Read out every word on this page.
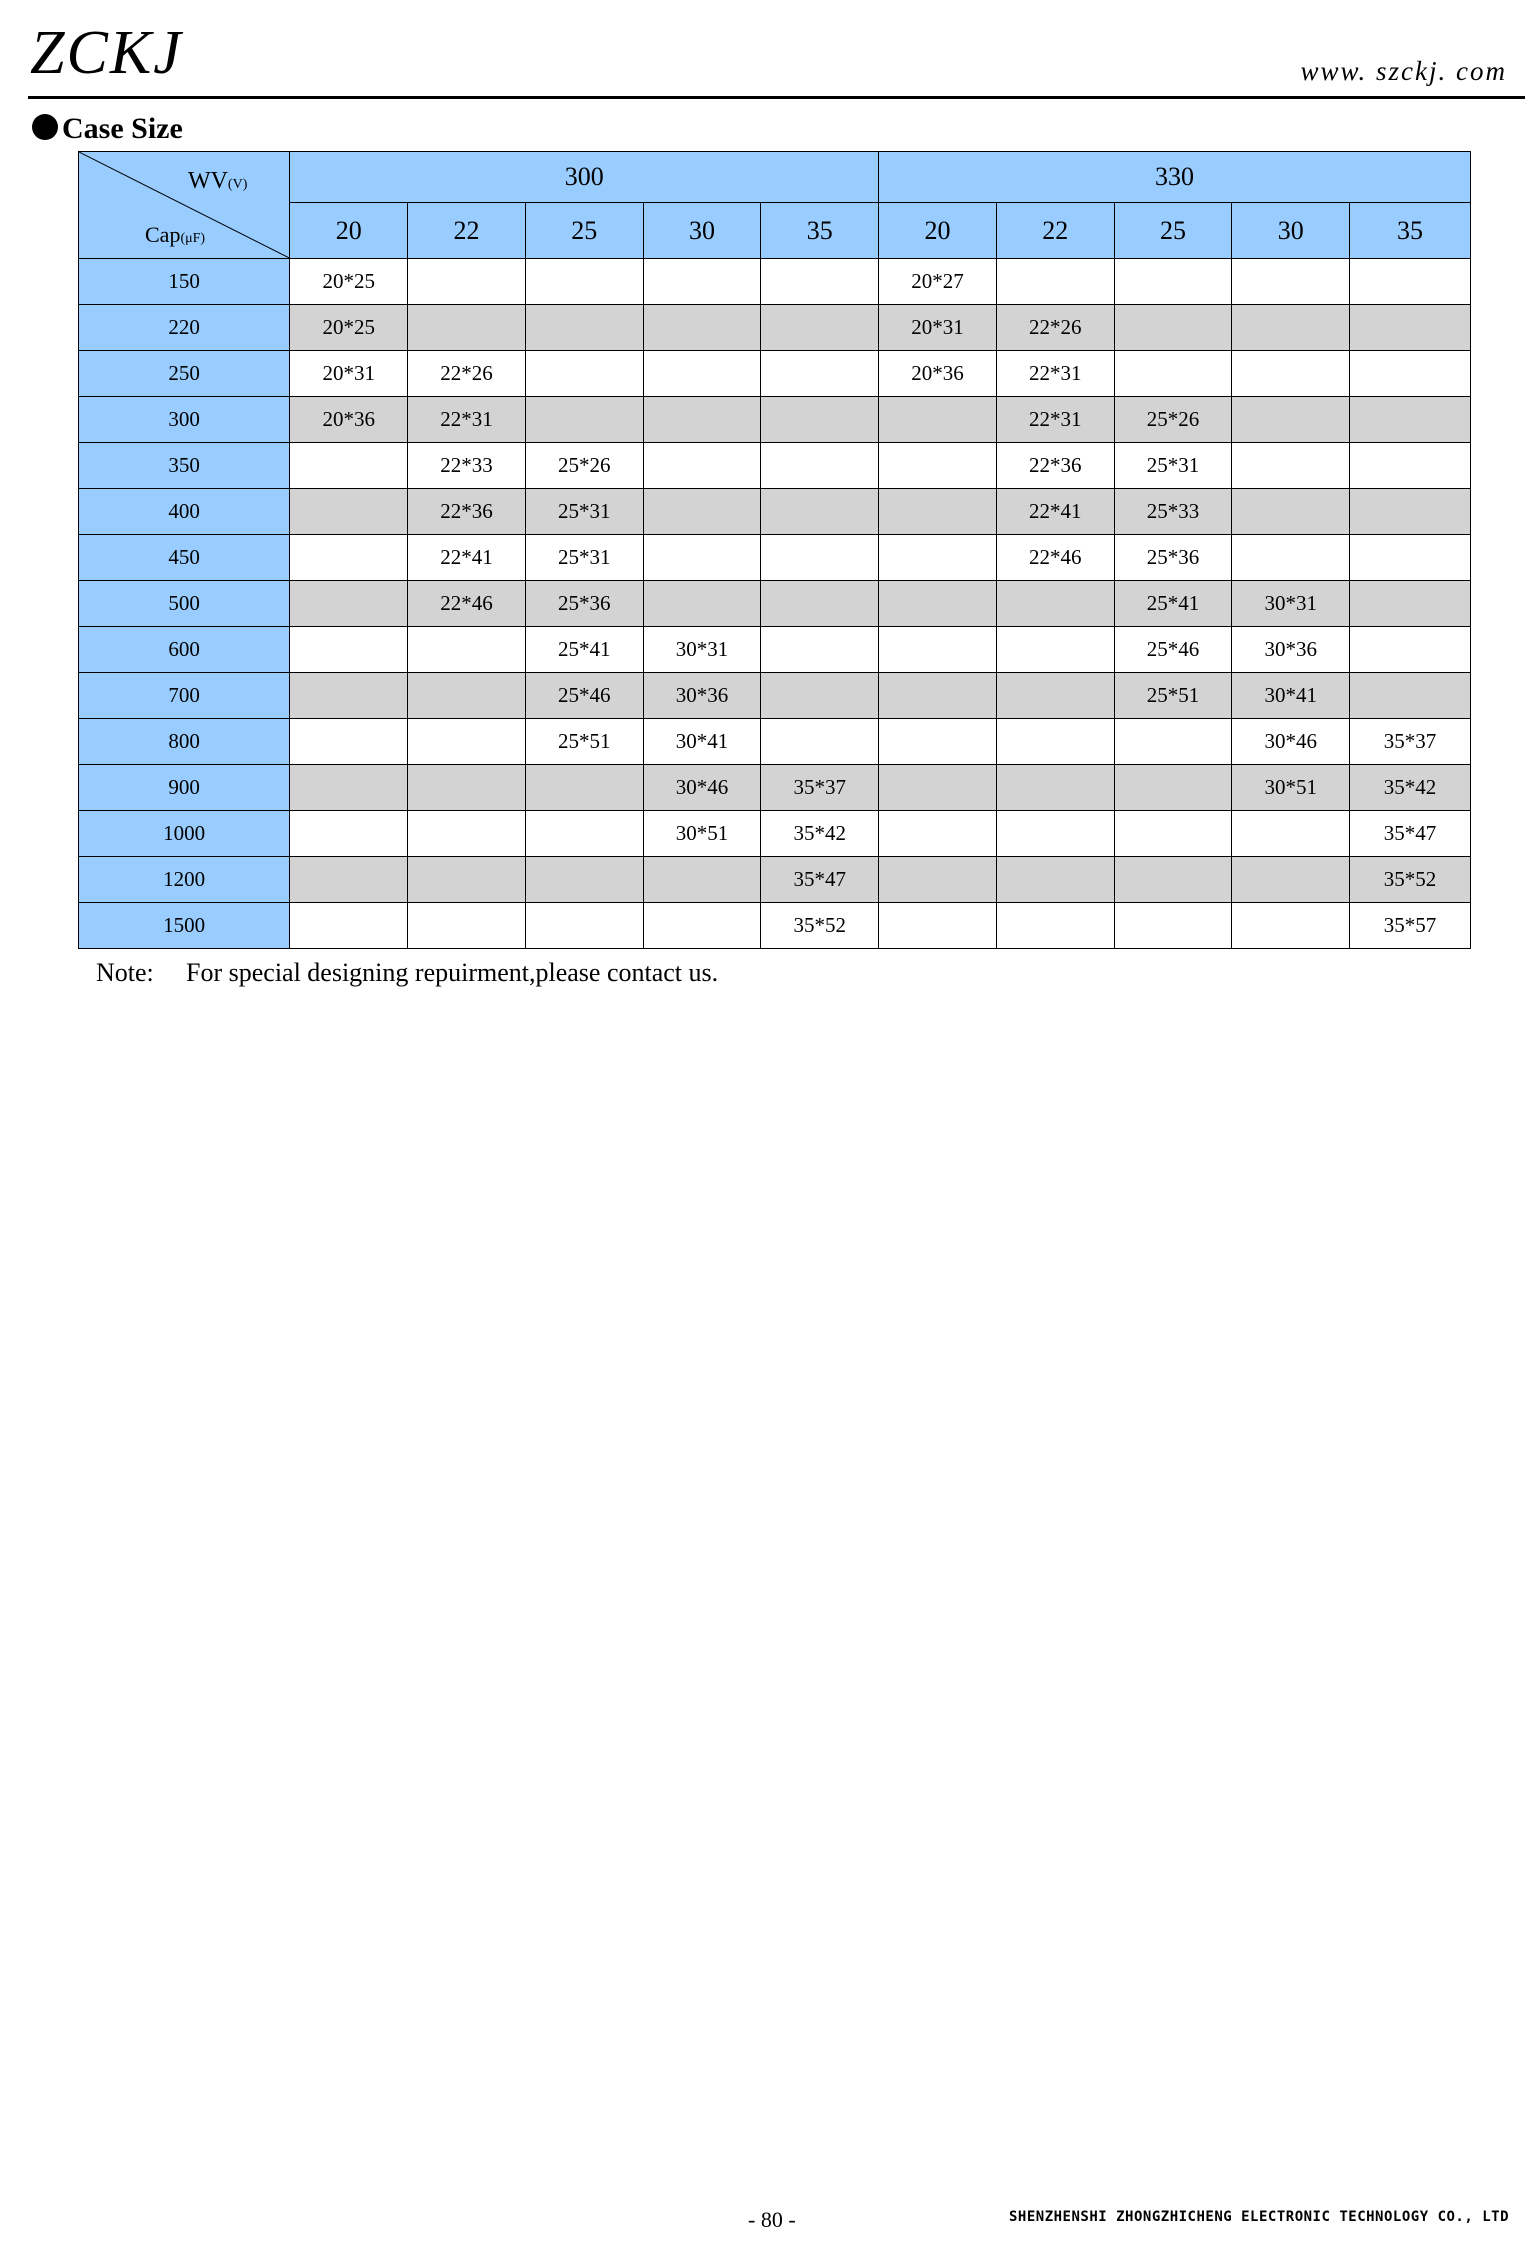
ZCKJ	www. szckj. com
Case Size
WV(V)
Cap(μF)	300					330				
	20	22	25	30	35	20	22	25	30	35
150	20*25					20*27				
220	20*25					20*31	22*26			
250	20*31	22*26				20*36	22*31			
300	20*36	22*31					22*31	25*26		
350		22*33	25*26				22*36	25*31		
400		22*36	25*31				22*41	25*33		
450		22*41	25*31				22*46	25*36		
500		22*46	25*36					25*41	30*31	
600			25*41	30*31				25*46	30*36	
700			25*46	30*36				25*51	30*41	
800			25*51	30*41					30*46	35*37
900				30*46	35*37				30*51	35*42
1000				30*51	35*42					35*47
1200					35*47					35*52
1500					35*52					35*57
Note: For special designing repuirment,please contact us.
- 80 -	SHENZHENSHI ZHONGZHICHENG ELECTRONIC TECHNOLOGY CO., LTD
